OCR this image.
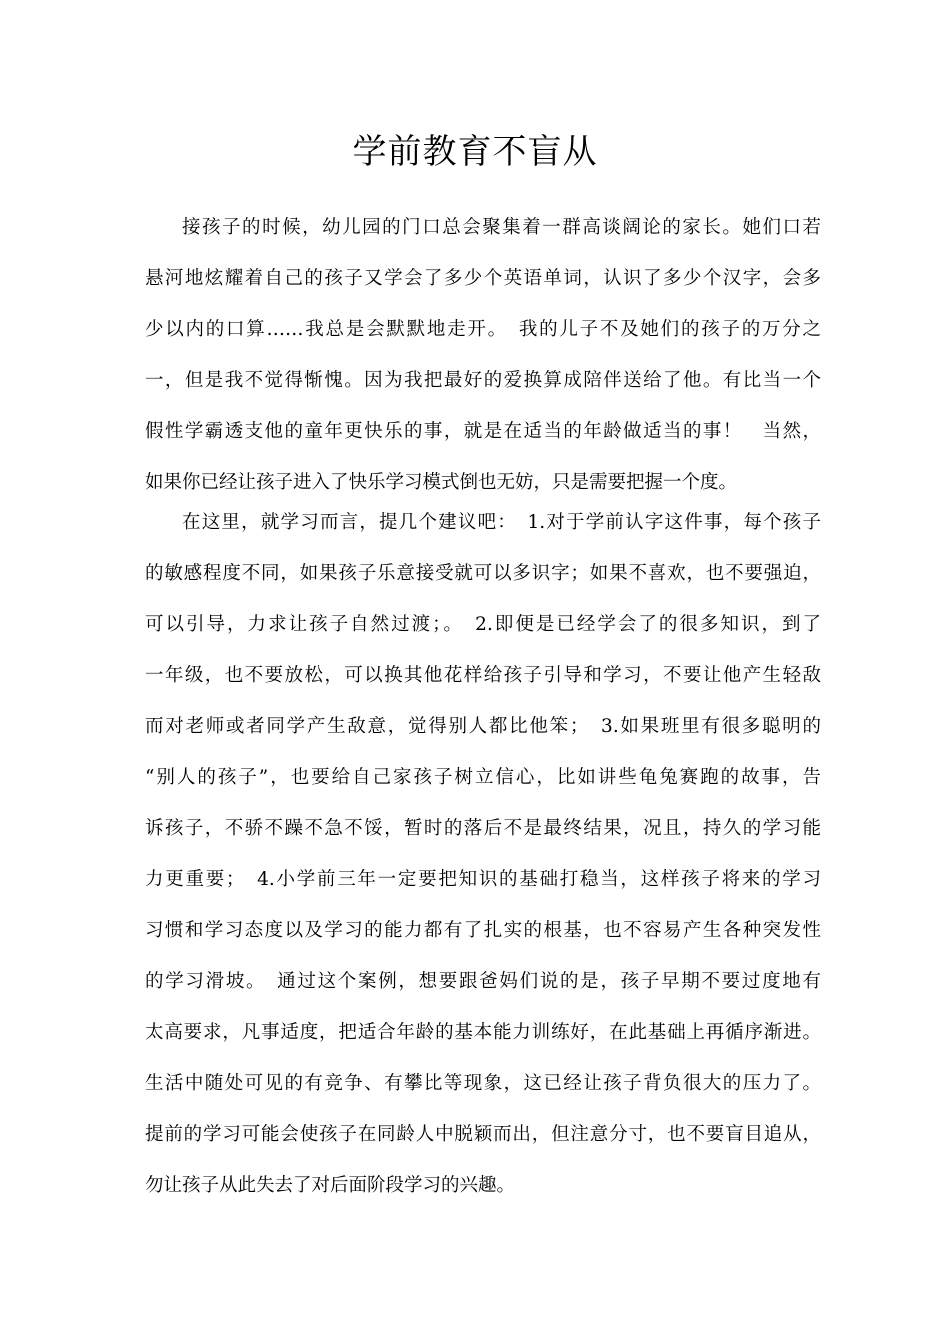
学前教育不盲从
接孩子的时候，幼儿园的门口总会聚集着一群高谈阔论的家长。她们口若
悬河地炫耀着自己的孩子又学会了多少个英语单词，认识了多少个汉字，会多
少以内的口算……我总是会默默地走开。　我的儿子不及她们的孩子的万分之
一，但是我不觉得惭愧。因为我把最好的爱换算成陪伴送给了他。有比当一个
假性学霸透支他的童年更快乐的事，就是在适当的年龄做适当的事！　当然，
如果你已经让孩子进入了快乐学习模式倒也无妨，只是需要把握一个度。
在这里，就学习而言，提几个建议吧：　1.对于学前认字这件事，每个孩子
的敏感程度不同，如果孩子乐意接受就可以多识字；如果不喜欢，也不要强迫，
可以引导，力求让孩子自然过渡；。　2.即便是已经学会了的很多知识，到了
一年级，也不要放松，可以换其他花样给孩子引导和学习，不要让他产生轻敌
而对老师或者同学产生敌意，觉得别人都比他笨；　3.如果班里有很多聪明的
“别人的孩子”，也要给自己家孩子树立信心，比如讲些龟兔赛跑的故事，告
诉孩子，不骄不躁不急不馁，暂时的落后不是最终结果，况且，持久的学习能
力更重要；　4.小学前三年一定要把知识的基础打稳当，这样孩子将来的学习
习惯和学习态度以及学习的能力都有了扎实的根基，也不容易产生各种突发性
的学习滑坡。　通过这个案例，想要跟爸妈们说的是，孩子早期不要过度地有
太高要求，凡事适度，把适合年龄的基本能力训练好，在此基础上再循序渐进。
生活中随处可见的有竞争、有攀比等现象，这已经让孩子背负很大的压力了。
提前的学习可能会使孩子在同龄人中脱颖而出，但注意分寸，也不要盲目追从，
勿让孩子从此失去了对后面阶段学习的兴趣。
